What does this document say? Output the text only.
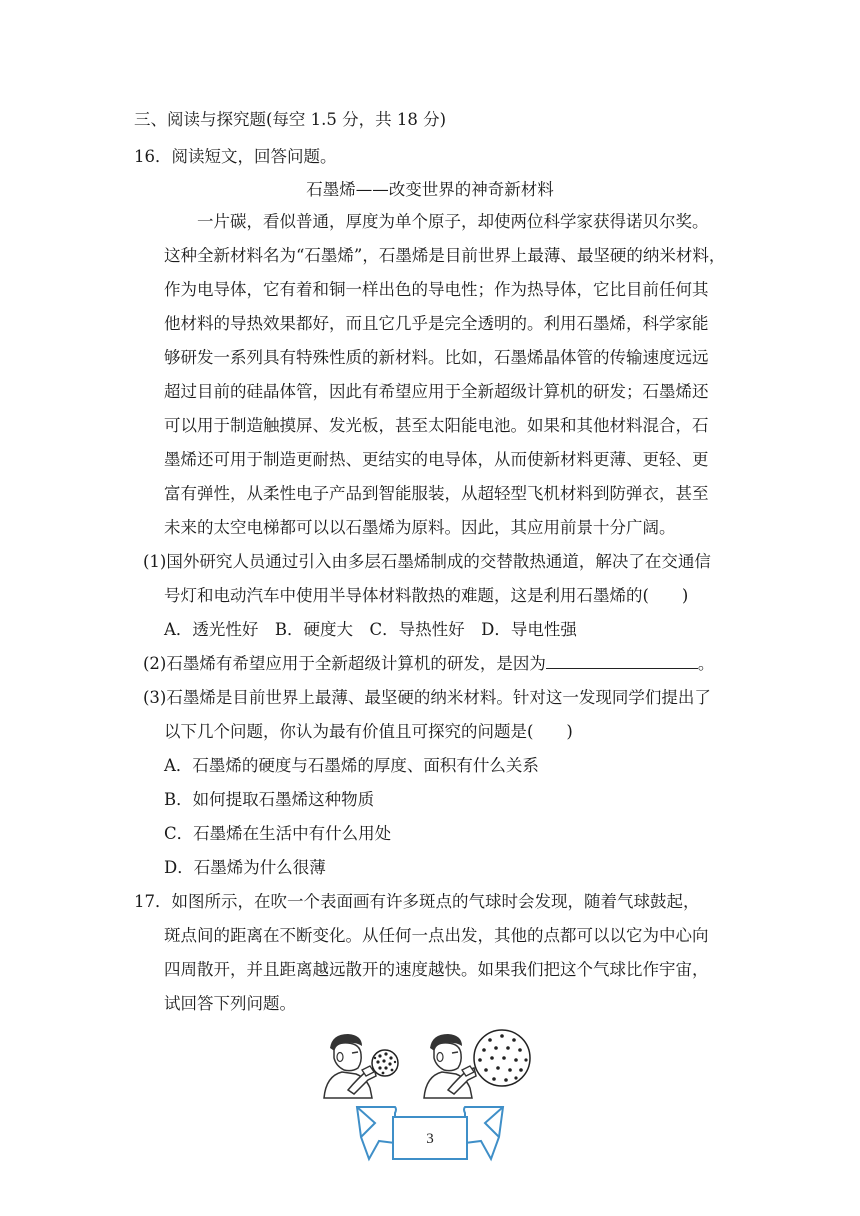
三、阅读与探究题(每空 1.5 分，共 18 分)
16．阅读短文，回答问题。
石墨烯——改变世界的神奇新材料
一片碳，看似普通，厚度为单个原子，却使两位科学家获得诺贝尔奖。
这种全新材料名为“石墨烯”，石墨烯是目前世界上最薄、最坚硬的纳米材料，
作为电导体，它有着和铜一样出色的导电性；作为热导体，它比目前任何其
他材料的导热效果都好，而且它几乎是完全透明的。利用石墨烯，科学家能
够研发一系列具有特殊性质的新材料。比如，石墨烯晶体管的传输速度远远
超过目前的硅晶体管，因此有希望应用于全新超级计算机的研发；石墨烯还
可以用于制造触摸屏、发光板，甚至太阳能电池。如果和其他材料混合，石
墨烯还可用于制造更耐热、更结实的电导体，从而使新材料更薄、更轻、更
富有弹性，从柔性电子产品到智能服装，从超轻型飞机材料到防弹衣，甚至
未来的太空电梯都可以以石墨烯为原料。因此，其应用前景十分广阔。
(1)国外研究人员通过引入由多层石墨烯制成的交替散热通道，解决了在交通信
号灯和电动汽车中使用半导体材料散热的难题，这是利用石墨烯的(　　)
A．透光性好　B．硬度大　C．导热性好　D．导电性强
(2)石墨烯有希望应用于全新超级计算机的研发，是因为	。
(3)石墨烯是目前世界上最薄、最坚硬的纳米材料。针对这一发现同学们提出了
以下几个问题，你认为最有价值且可探究的问题是(　　)
A．石墨烯的硬度与石墨烯的厚度、面积有什么关系
B．如何提取石墨烯这种物质
C．石墨烯在生活中有什么用处
D．石墨烯为什么很薄
17．如图所示，在吹一个表面画有许多斑点的气球时会发现，随着气球鼓起，
斑点间的距离在不断变化。从任何一点出发，其他的点都可以以它为中心向
四周散开，并且距离越远散开的速度越快。如果我们把这个气球比作宇宙，
试回答下列问题。
3
